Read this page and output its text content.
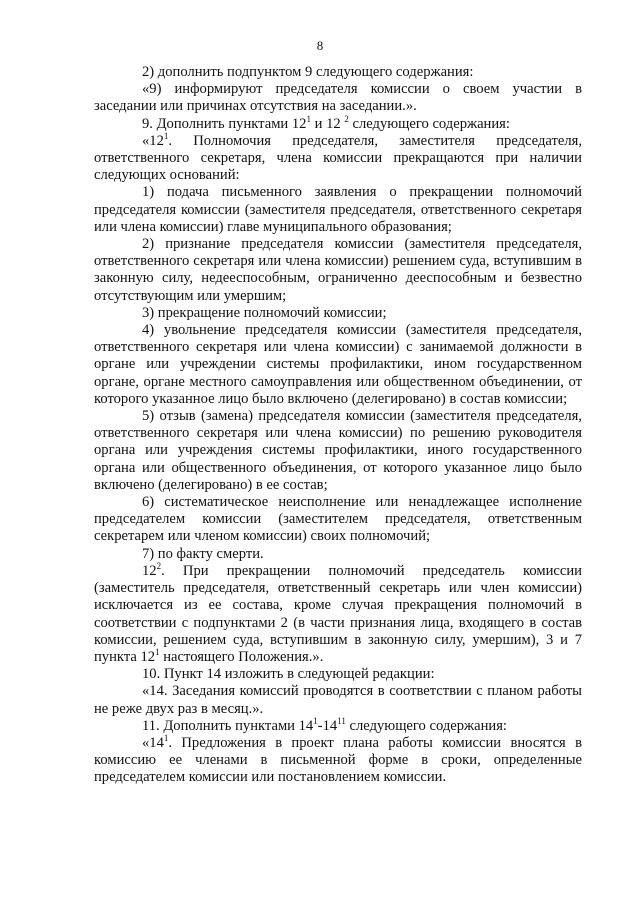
8

2) дополнить подпунктом 9 следующего содержания:

«9) информируют председателя комиссии о своем участии в заседании или причинах отсутствия на заседании.».

9. Дополнить пунктами $12^1$ и 12 $^2$ следующего содержания:

«$12^1$. Полномочия председателя, заместителя председателя, ответственного секретаря, члена комиссии прекращаются при наличии следующих оснований:

1) подача письменного заявления о прекращении полномочий председателя комиссии (заместителя председателя, ответственного секретаря или члена комиссии) главе муниципального образования;

2) признание председателя комиссии (заместителя председателя, ответственного секретаря или члена комиссии) решением суда, вступившим в законную силу, недееспособным, ограниченно дееспособным и безвестно отсутствующим или умершим;

3) прекращение полномочий комиссии;

4) увольнение председателя комиссии (заместителя председателя, ответственного секретаря или члена комиссии) с занимаемой должности в органе или учреждении системы профилактики, ином государственном органе, органе местного самоуправления или общественном объединении, от которого указанное лицо было включено (делегировано) в состав комиссии;

5) отзыв (замена) председателя комиссии (заместителя председателя, ответственного секретаря или члена комиссии) по решению руководителя органа или учреждения системы профилактики, иного государственного органа или общественного объединения, от которого указанное лицо было включено (делегировано) в ее состав;

6) систематическое неисполнение или ненадлежащее исполнение председателем комиссии (заместителем председателя, ответственным секретарем или членом комиссии) своих полномочий;

7) по факту смерти.

$12^2$. При прекращении полномочий председатель комиссии (заместитель председателя, ответственный секретарь или член комиссии) исключается из ее состава, кроме случая прекращения полномочий в соответствии с подпунктами 2 (в части признания лица, входящего в состав комиссии, решением суда, вступившим в законную силу, умершим), 3 и 7 пункта $12^1$ настоящего Положения.».

10. Пункт 14 изложить в следующей редакции:

«14. Заседания комиссий проводятся в соответствии с планом работы не реже двух раз в месяц.».

11. Дополнить пунктами $14^1-14^{11}$ следующего содержания:

«$14^1$. Предложения в проект плана работы комиссии вносятся в комиссию ее членами в письменной форме в сроки, определенные председателем комиссии или постановлением комиссии.
